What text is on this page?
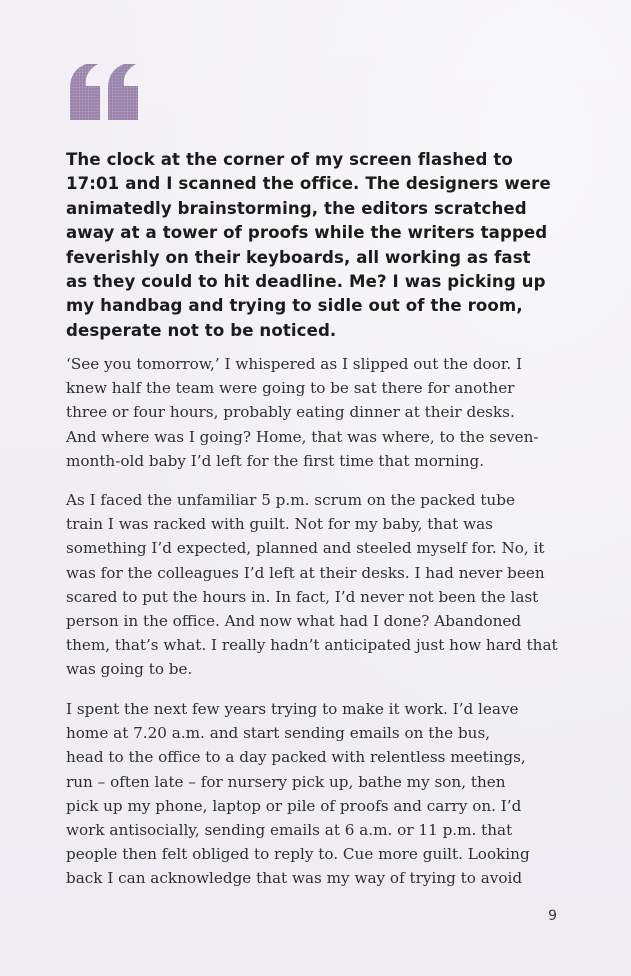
The clock at the corner of my screen flashed to
17:01 and I scanned the office. The designers were
animatedly brainstorming, the editors scratched
away at a tower of proofs while the writers tapped
feverishly on their keyboards, all working as fast
as they could to hit deadline. Me? I was picking up
my handbag and trying to sidle out of the room,
desperate not to be noticed.

‘See you tomorrow,’ I whispered as I slipped out the door. I
knew half the team were going to be sat there for another
three or four hours, probably eating dinner at their desks.
And where was I going? Home, that was where, to the seven-
month-old baby I’d left for the first time that morning.

As I faced the unfamiliar 5 p.m. scrum on the packed tube
train I was racked with guilt. Not for my baby, that was
something I’d expected, planned and steeled myself for. No, it
was for the colleagues I’d left at their desks. I had never been
scared to put the hours in. In fact, I’d never not been the last
person in the office. And now what had I done? Abandoned
them, that’s what. I really hadn’t anticipated just how hard that
was going to be.

I spent the next few years trying to make it work. I’d leave
home at 7.20 a.m. and start sending emails on the bus,
head to the office to a day packed with relentless meetings,
run – often late – for nursery pick up, bathe my son, then
pick up my phone, laptop or pile of proofs and carry on. I’d
work antisocially, sending emails at 6 a.m. or 11 p.m. that
people then felt obliged to reply to. Cue more guilt. Looking
back I can acknowledge that was my way of trying to avoid

9
